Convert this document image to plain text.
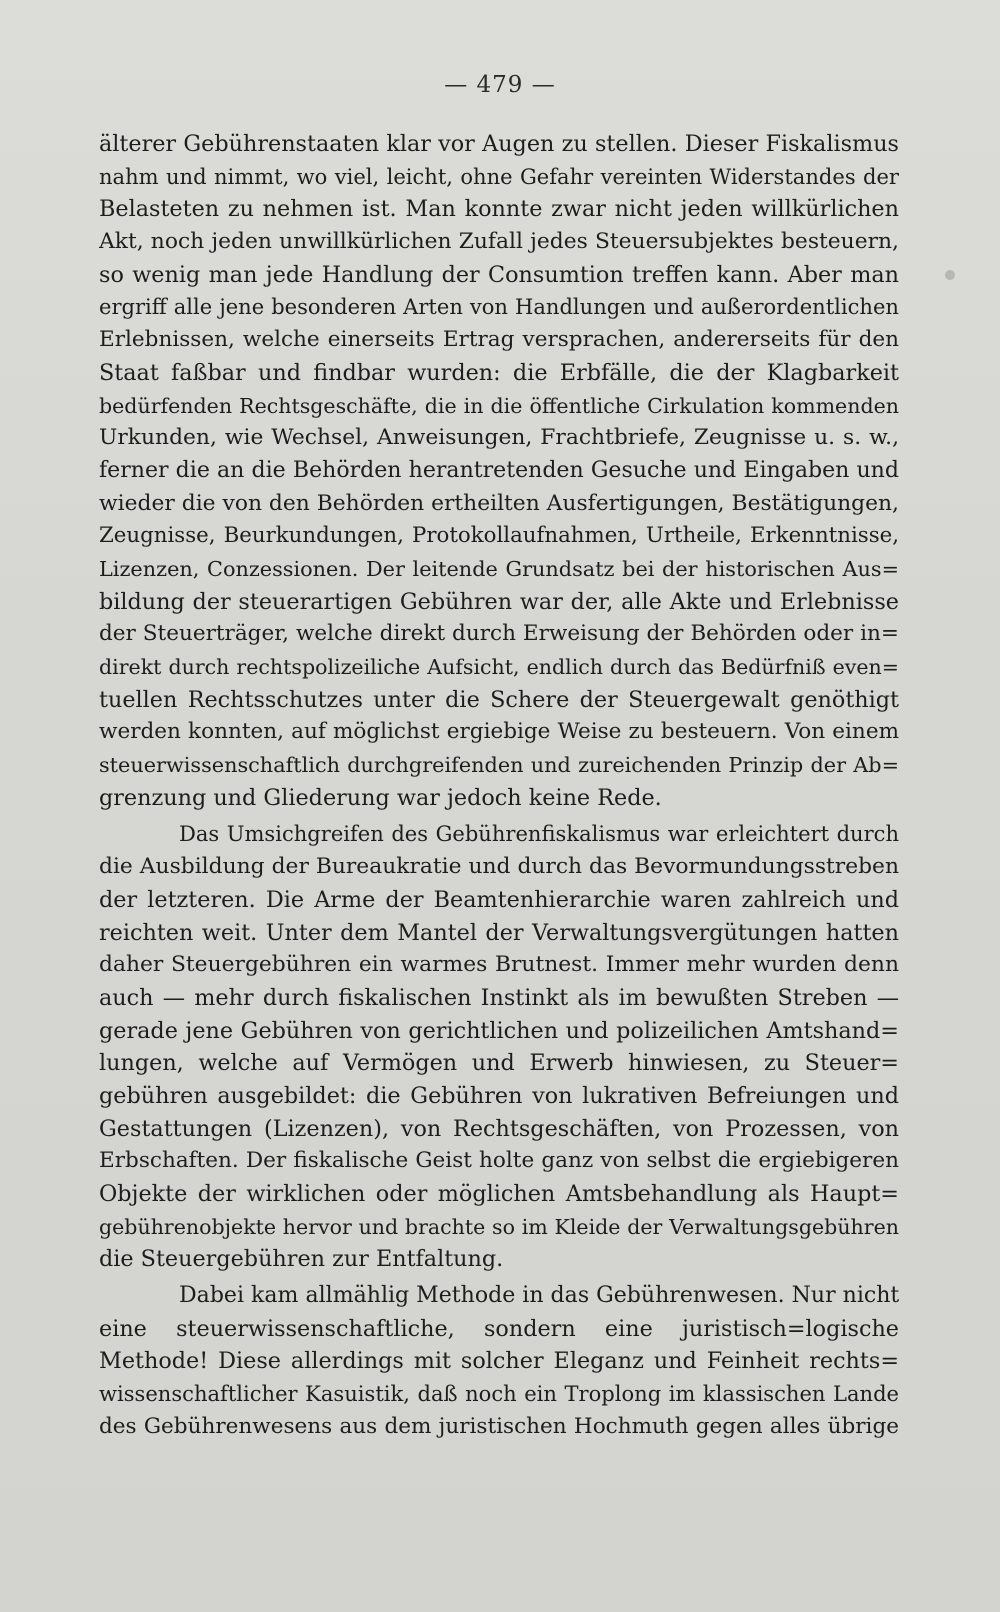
— 479 —
älterer Gebührenstaaten klar vor Augen zu stellen. Dieser Fiskalismus
nahm und nimmt, wo viel, leicht, ohne Gefahr vereinten Widerstandes der
Belasteten zu nehmen ist. Man konnte zwar nicht jeden willkürlichen
Akt, noch jeden unwillkürlichen Zufall jedes Steuersubjektes besteuern,
so wenig man jede Handlung der Consumtion treffen kann. Aber man
ergriff alle jene besonderen Arten von Handlungen und außerordentlichen
Erlebnissen, welche einerseits Ertrag versprachen, andererseits für den
Staat faßbar und findbar wurden: die Erbfälle, die der Klagbarkeit
bedürfenden Rechtsgeschäfte, die in die öffentliche Cirkulation kommenden
Urkunden, wie Wechsel, Anweisungen, Frachtbriefe, Zeugnisse u. s. w.,
ferner die an die Behörden herantretenden Gesuche und Eingaben und
wieder die von den Behörden ertheilten Ausfertigungen, Bestätigungen,
Zeugnisse, Beurkundungen, Protokollaufnahmen, Urtheile, Erkenntnisse,
Lizenzen, Conzessionen. Der leitende Grundsatz bei der historischen Aus=
bildung der steuerartigen Gebühren war der, alle Akte und Erlebnisse
der Steuerträger, welche direkt durch Erweisung der Behörden oder in=
direkt durch rechtspolizeiliche Aufsicht, endlich durch das Bedürfniß even=
tuellen Rechtsschutzes unter die Schere der Steuergewalt genöthigt
werden konnten, auf möglichst ergiebige Weise zu besteuern. Von einem
steuerwissenschaftlich durchgreifenden und zureichenden Prinzip der Ab=
grenzung und Gliederung war jedoch keine Rede.
Das Umsichgreifen des Gebührenfiskalismus war erleichtert durch
die Ausbildung der Bureaukratie und durch das Bevormundungsstreben
der letzteren. Die Arme der Beamtenhierarchie waren zahlreich und
reichten weit. Unter dem Mantel der Verwaltungsvergütungen hatten
daher Steuergebühren ein warmes Brutnest. Immer mehr wurden denn
auch — mehr durch fiskalischen Instinkt als im bewußten Streben —
gerade jene Gebühren von gerichtlichen und polizeilichen Amtshand=
lungen, welche auf Vermögen und Erwerb hinwiesen, zu Steuer=
gebühren ausgebildet: die Gebühren von lukrativen Befreiungen und
Gestattungen (Lizenzen), von Rechtsgeschäften, von Prozessen, von
Erbschaften. Der fiskalische Geist holte ganz von selbst die ergiebigeren
Objekte der wirklichen oder möglichen Amtsbehandlung als Haupt=
gebührenobjekte hervor und brachte so im Kleide der Verwaltungsgebühren
die Steuergebühren zur Entfaltung.
Dabei kam allmählig Methode in das Gebührenwesen. Nur nicht
eine steuerwissenschaftliche, sondern eine juristisch=logische
Methode! Diese allerdings mit solcher Eleganz und Feinheit rechts=
wissenschaftlicher Kasuistik, daß noch ein Troplong im klassischen Lande
des Gebührenwesens aus dem juristischen Hochmuth gegen alles übrige
